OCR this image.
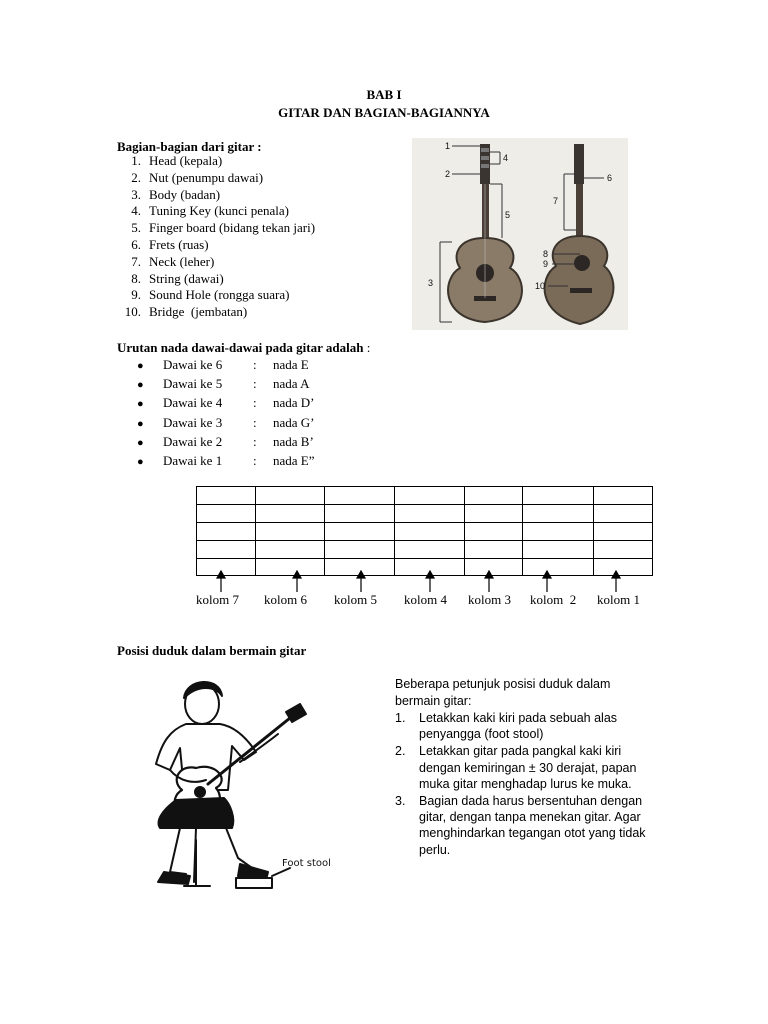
BAB I
GITAR DAN BAGIAN-BAGIANNYA
Bagian-bagian dari gitar :
1. Head (kepala)
2. Nut (penumpu dawai)
3. Body (badan)
4. Tuning Key (kunci penala)
5. Finger board (bidang tekan jari)
6. Frets (ruas)
7. Neck (leher)
8. String (dawai)
9. Sound Hole (rongga suara)
10. Bridge  (jembatan)
1
4
2
5
3
6
7
8
9
10
Urutan nada dawai-dawai pada gitar adalah :
● Dawai ke 6 : nada E
● Dawai ke 5 : nada A
● Dawai ke 4 : nada D’
● Dawai ke 3 : nada G’
● Dawai ke 2 : nada B’
● Dawai ke 1 : nada E”
kolom 7 kolom 6 kolom 5 kolom 4 kolom 3 kolom  2 kolom 1
Posisi duduk dalam bermain gitar
Foot stool
Beberapa petunjuk posisi duduk dalam bermain gitar:
1. Letakkan kaki kiri pada sebuah alas penyangga (foot stool)
2. Letakkan gitar pada pangkal kaki kiri dengan kemiringan ± 30 derajat, papan muka gitar menghadap lurus ke muka.
3. Bagian dada harus bersentuhan dengan gitar, dengan tanpa menekan gitar. Agar menghindarkan tegangan otot yang tidak perlu.
